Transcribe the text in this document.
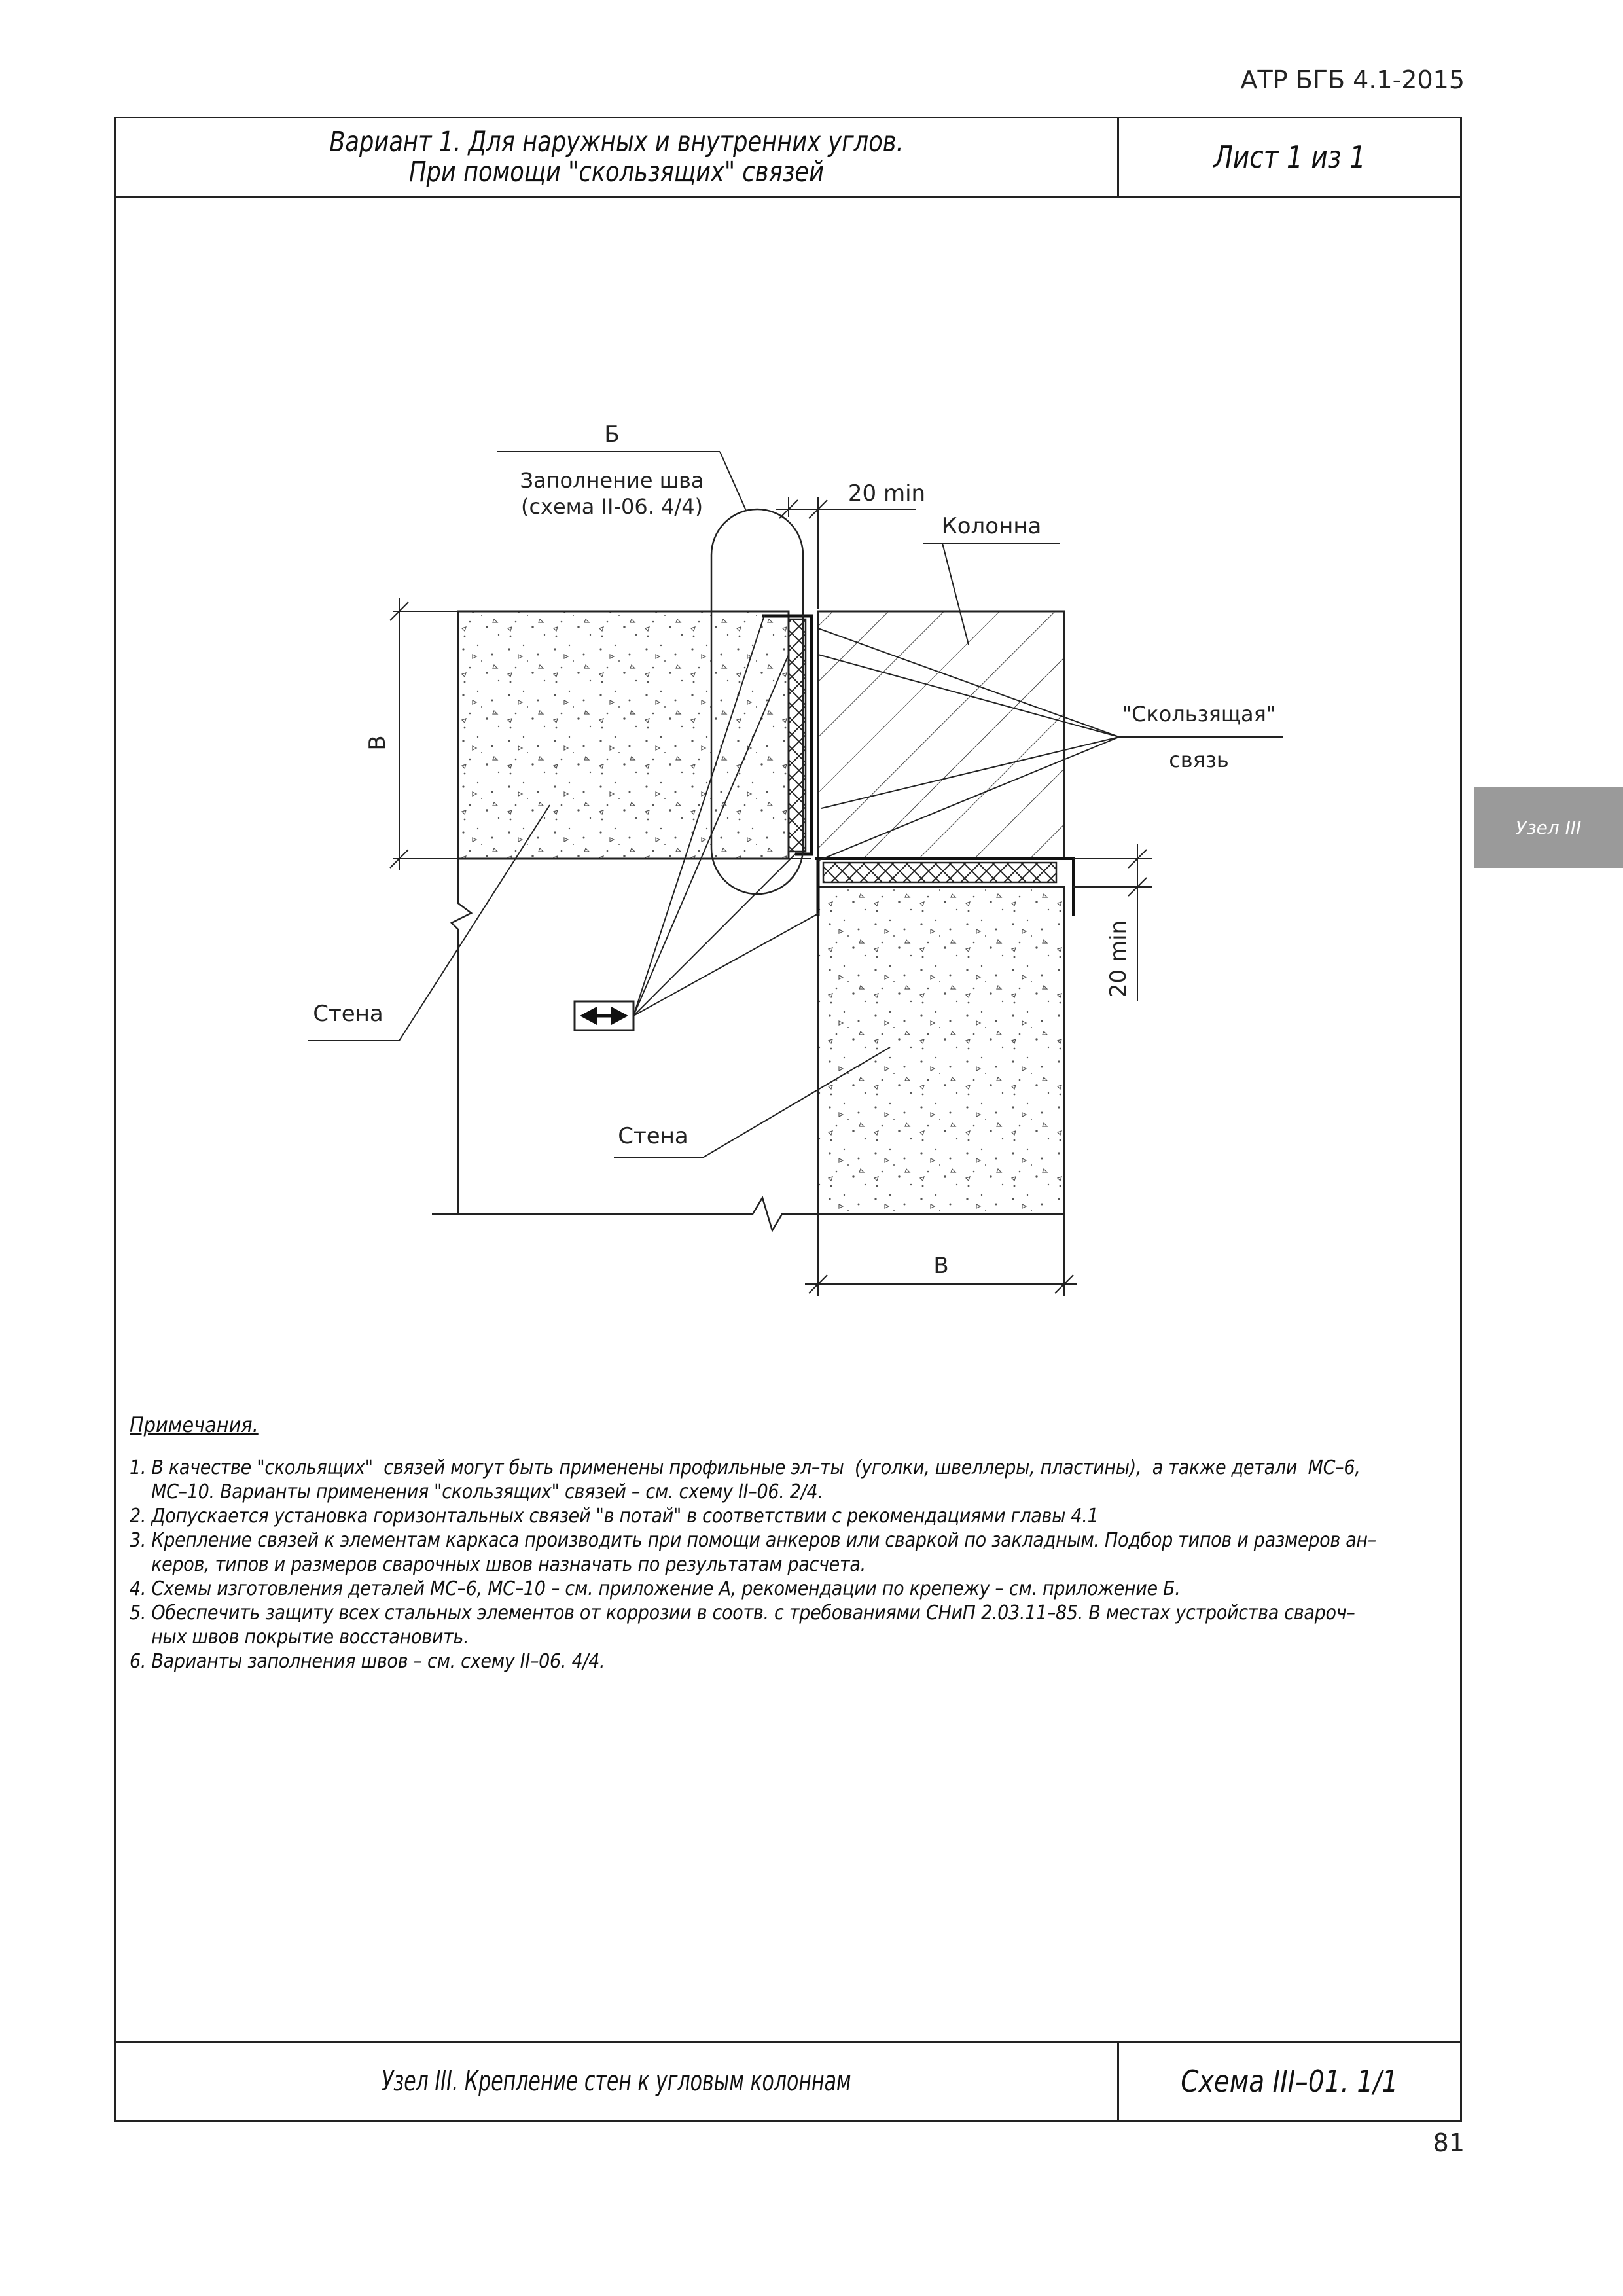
АТР БГБ 4.1-2015
Узел III
Вариант 1. Для наружных и внутренних углов.
При помощи "скользящих" связей	Лист 1 из 1
Узел III. Крепление стен к угловым колоннам	Схема III–01. 1/1
В
В
20 min
20 min
Б
Заполнение шва
(схема II-06. 4/4)
Колонна
"Скользящая"
связь
Стена
Стена
Примечания.
1. В качестве "скольящих"  связей могут быть применены профильные эл–ты  (уголки, швеллеры, пластины),  а также детали  МС–6,
МС–10. Варианты применения "скользящих" связей – см. схему II–06. 2/4.
2. Допускается установка горизонтальных связей "в потай" в соответствии с рекомендациями главы 4.1
3. Крепление связей к элементам каркаса производить при помощи анкеров или сваркой по закладным. Подбор типов и размеров ан–
керов, типов и размеров сварочных швов назначать по результатам расчета.
4. Схемы изготовления деталей МС–6, МС–10 – см. приложение А, рекомендации по крепежу – см. приложение Б.
5. Обеспечить защиту всех стальных элементов от коррозии в соотв. с требованиями СНиП 2.03.11–85. В местах устройства свароч–
ных швов покрытие восстановить.
6. Варианты заполнения швов – см. схему II–06. 4/4.
81
